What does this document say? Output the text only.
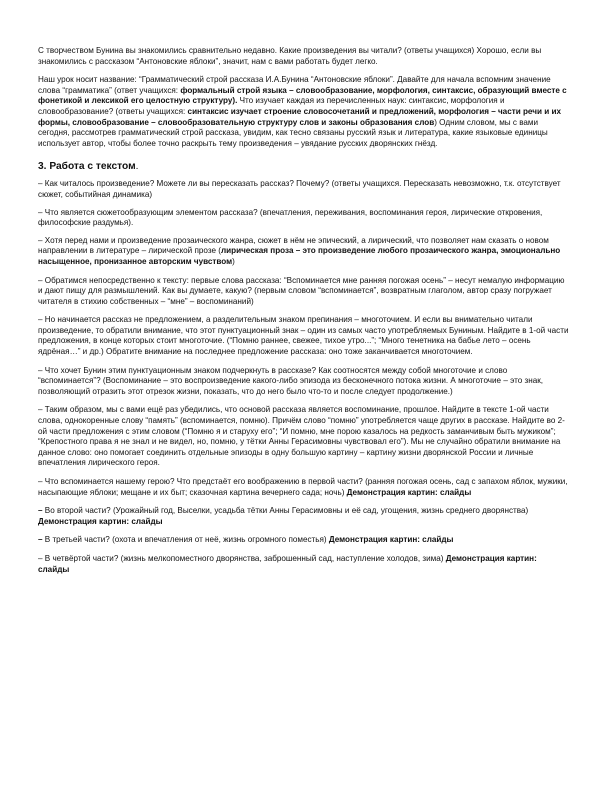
С творчеством Бунина вы знакомились сравнительно недавно. Какие произведения вы читали? (ответы учащихся) Хорошо, если вы знакомились с рассказом “Антоновские яблоки”, значит, нам с вами работать будет легко.

Наш урок носит название: “Грамматический строй рассказа И.А.Бунина “Антоновские яблоки”. Давайте для начала вспомним значение слова “грамматика” (ответ учащихся: формальный строй языка – словообразование, морфология, синтаксис, образующий вместе с фонетикой и лексикой его целостную структуру). Что изучает каждая из перечисленных наук: синтаксис, морфология и словообразование? (ответы учащихся: синтаксис изучает строение словосочетаний и предложений, морфология – части речи и их формы, словообразование – словообразовательную структуру слов и законы образования слов) Одним словом, мы с вами сегодня, рассмотрев грамматический строй рассказа, увидим, как тесно связаны русский язык и литература, какие языковые единицы использует автор, чтобы более точно раскрыть тему произведения – увядание русских дворянских гнёзд.

3. Работа с текстом.

– Как читалось произведение? Можете ли вы пересказать рассказ? Почему? (ответы учащихся. Пересказать невозможно, т.к. отсутствует сюжет, событийная динамика)

– Что является сюжетообразующим элементом рассказа? (впечатления, переживания, воспоминания героя, лирические откровения, философские раздумья).

– Хотя перед нами и произведение прозаического жанра, сюжет в нём не эпический, а лирический, что позволяет нам сказать о новом направлении в литературе – лирической прозе (лирическая проза – это произведение любого прозаического жанра, эмоционально насыщенное, пронизанное авторским чувством)

– Обратимся непосредственно к тексту: первые слова рассказа: “Вспоминается мне ранняя погожая осень” – несут немалую информацию и дают пищу для размышлений. Как вы думаете, какую? (первым словом “вспоминается”, возвратным глаголом, автор сразу погружает читателя в стихию собственных – “мне” – воспоминаний)

– Но начинается рассказ не предложением, а разделительным знаком препинания – многоточием. И если вы внимательно читали произведение, то обратили внимание, что этот пунктуационный знак – один из самых часто употребляемых Буниным. Найдите в 1-ой части предложения, в конце которых стоит многоточие. (“Помню раннее, свежее, тихое утро...”; “Много тенетника на бабье лето – осень ядрёная…” и др.) Обратите внимание на последнее предложение рассказа: оно тоже заканчивается многоточием.

– Что хочет Бунин этим пунктуационным знаком подчеркнуть в рассказе? Как соотносятся между собой многоточие и слово “вспоминается”? (Воспоминание – это воспроизведение какого-либо эпизода из бесконечного потока жизни. А многоточие – это знак, позволяющий отразить этот отрезок жизни, показать, что до него было что-то и после следует продолжение.)

– Таким образом, мы с вами ещё раз убедились, что основой рассказа является воспоминание, прошлое. Найдите в тексте 1-ой части слова, однокоренные слову “память” (вспоминается, помню). Причём слово “помню” употребляется чаще других в рассказе. Найдите во 2-ой части предложения с этим словом (“Помню я и старуху его”; “И помню, мне порою казалось на редкость заманчивым быть мужиком”; “Крепостного права я не знал и не видел, но, помню, у тётки Анны Герасимовны чувствовал его”). Мы не случайно обратили внимание на данное слово: оно помогает соединить отдельные эпизоды в одну большую картину – картину жизни дворянской России и личные впечатления лирического героя.

– Что вспоминается нашему герою? Что предстаёт его воображению в первой части? (ранняя погожая осень, сад с запахом яблок, мужики, насыпающие яблоки; мещане и их быт; сказочная картина вечернего сада; ночь) Демонстрация картин: слайды

– Во второй части? (Урожайный год, Выселки, усадьба тётки Анны Герасимовны и её сад, угощения, жизнь среднего дворянства) Демонстрация картин: слайды

– В третьей части? (охота и впечатления от неё, жизнь огромного поместья) Демонстрация картин: слайды

– В четвёртой части? (жизнь мелкопоместного дворянства, заброшенный сад, наступление холодов, зима) Демонстрация картин: слайды
